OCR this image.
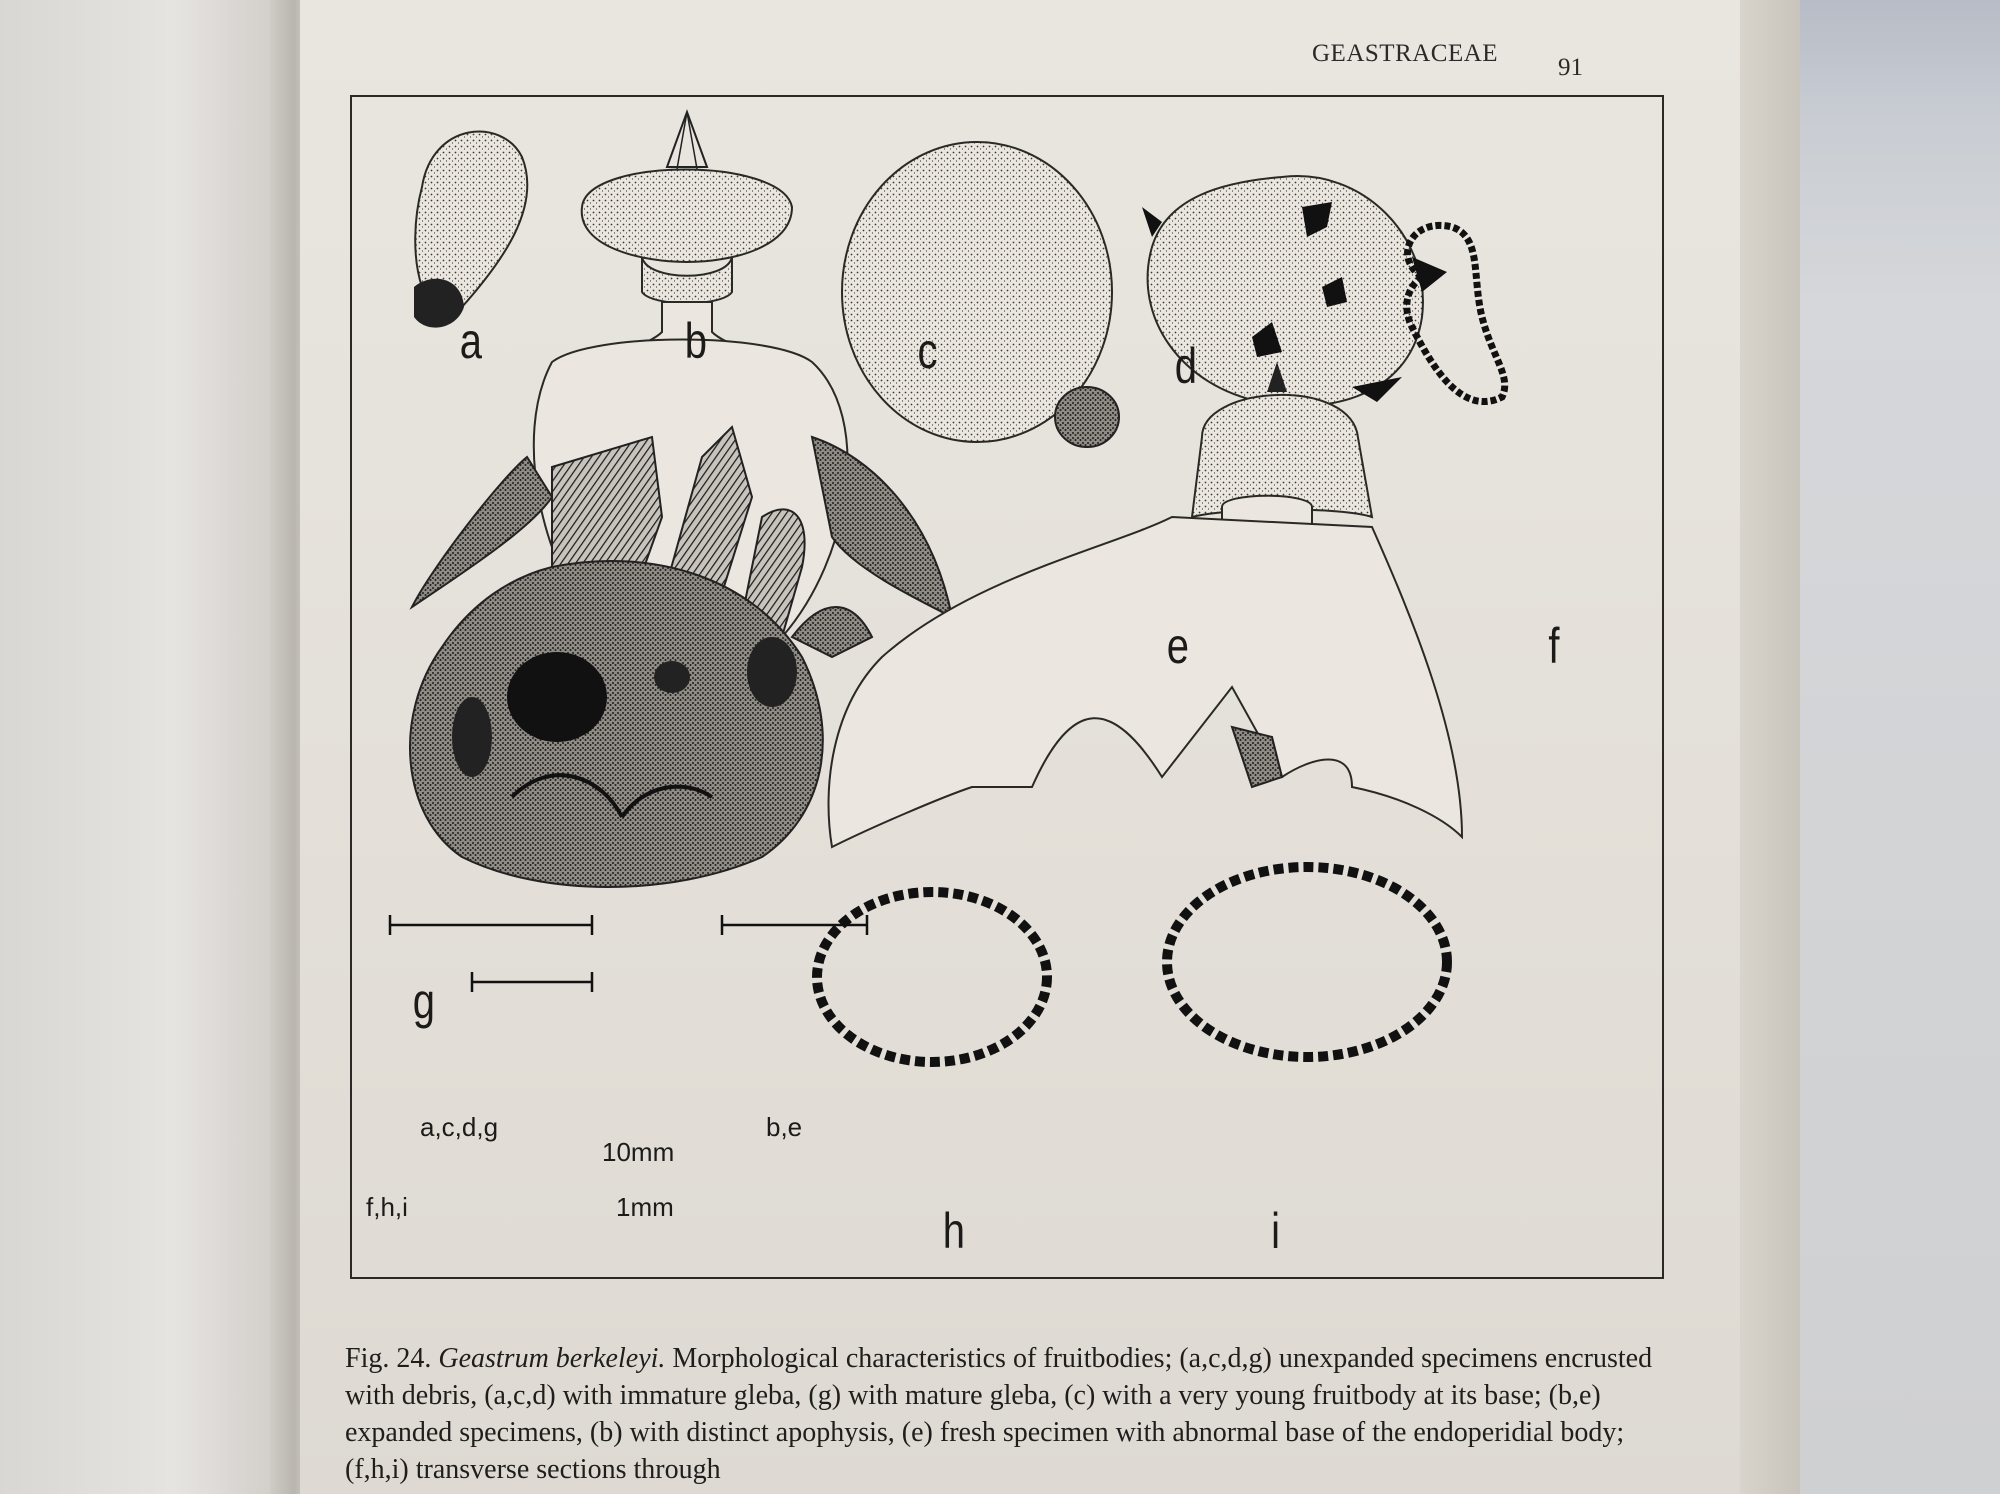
GEASTRACEAE
91
a	b	c	d
e	f
g
h	i
a,c,d,g
10mm
b,e
f,h,i	1mm

Fig. 24. Geastrum berkeleyi. Morphological characteristics of fruitbodies; (a,c,d,g) unexpanded specimens encrusted with debris, (a,c,d) with immature gleba, (g) with mature gleba, (c) with a very young fruitbody at its base; (b,e) expanded specimens, (b) with distinct apophysis, (e) fresh specimen with abnormal base of the endoperidial body; (f,h,i) transverse sections through
